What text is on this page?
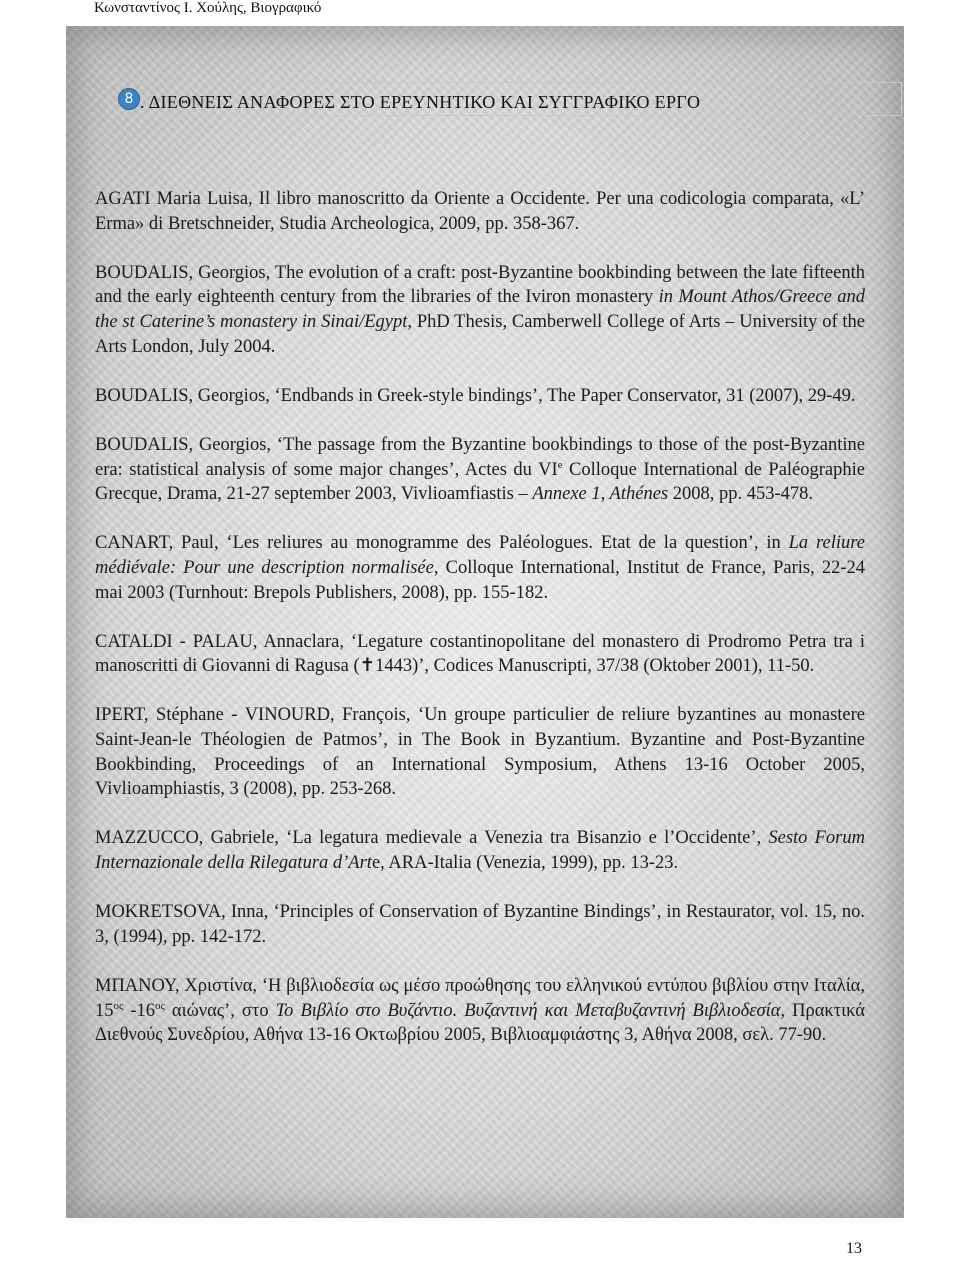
Κωνσταντίνος Ι. Χούλης, Βιογραφικό
8 . ΔΙΕΘΝΕΙΣ ΑΝΑΦΟΡΕΣ ΣΤΟ ΕΡΕΥΝΗΤΙΚΟ ΚΑΙ ΣΥΓΓΡΑΦΙΚΟ ΕΡΓΟ

AGATI Maria Luisa, Il libro manoscritto da Oriente a Occidente. Per una codicologia comparata, «L’ Erma» di Bretschneider, Studia Archeologica, 2009, pp. 358-367.

BOUDALIS, Georgios, The evolution of a craft: post-Byzantine bookbinding between the late fifteenth and the early eighteenth century from the libraries of the Iviron monastery in Mount Athos/Greece and the st Caterine’s monastery in Sinai/Egypt, PhD Thesis, Camberwell College of Arts – University of the Arts London, July 2004.

BOUDALIS, Georgios, ‘Endbands in Greek-style bindings’, The Paper Conservator, 31 (2007), 29-49.

BOUDALIS, Georgios, ‘The passage from the Byzantine bookbindings to those of the post-Byzantine era: statistical analysis of some major changes’, Actes du VIe Colloque International de Paléographie Grecque, Drama, 21-27 september 2003, Vivlioamfiastis – Annexe 1, Athénes 2008, pp. 453-478.

CANART, Paul, ‘Les reliures au monogramme des Paléologues. Etat de la question’, in La reliure médiévale: Pour une description normalisée, Colloque International, Institut de France, Paris, 22-24 mai 2003 (Turnhout: Brepols Publishers, 2008), pp. 155-182.

CATALDI - PALAU, Annaclara, ‘Legature costantinopolitane del monastero di Prodromo Petra tra i manoscritti di Giovanni di Ragusa (✝1443)’, Codices Manuscripti, 37/38 (Oktober 2001), 11-50.

IPERT, Stéphane - VINOURD, François, ‘Un groupe particulier de reliure byzantines au monastere Saint-Jean-le Théologien de Patmos’, in The Book in Byzantium. Byzantine and Post-Byzantine Bookbinding, Proceedings of an International Symposium, Athens 13-16 October 2005, Vivlioamphiastis, 3 (2008), pp. 253-268.

MAZZUCCO, Gabriele, ‘La legatura medievale a Venezia tra Bisanzio e l’Occidente’, Sesto Forum Internazionale della Rilegatura d’Arte, ARA-Italia (Venezia, 1999), pp. 13-23.

MOKRETSOVA, Inna, ‘Principles of Conservation of Byzantine Bindings’, in Restaurator, vol. 15, no. 3, (1994), pp. 142-172.

ΜΠΑΝΟΥ, Χριστίνα, ‘Η βιβλιοδεσία ως μέσο προώθησης του ελληνικού εντύπου βιβλίου στην Ιταλία, $15^{o\varsigma}$ $-16^{o\varsigma}$ αιώνας’, στο Το Βιβλίο στο Βυζάντιο. Βυζαντινή και Μεταβυζαντινή Βιβλιοδεσία, Πρακτικά Διεθνούς Συνεδρίου, Αθήνα 13-16 Οκτωβρίου 2005, Βιβλιοαμφιάστης 3, Αθήνα 2008, σελ. 77-90.

13
